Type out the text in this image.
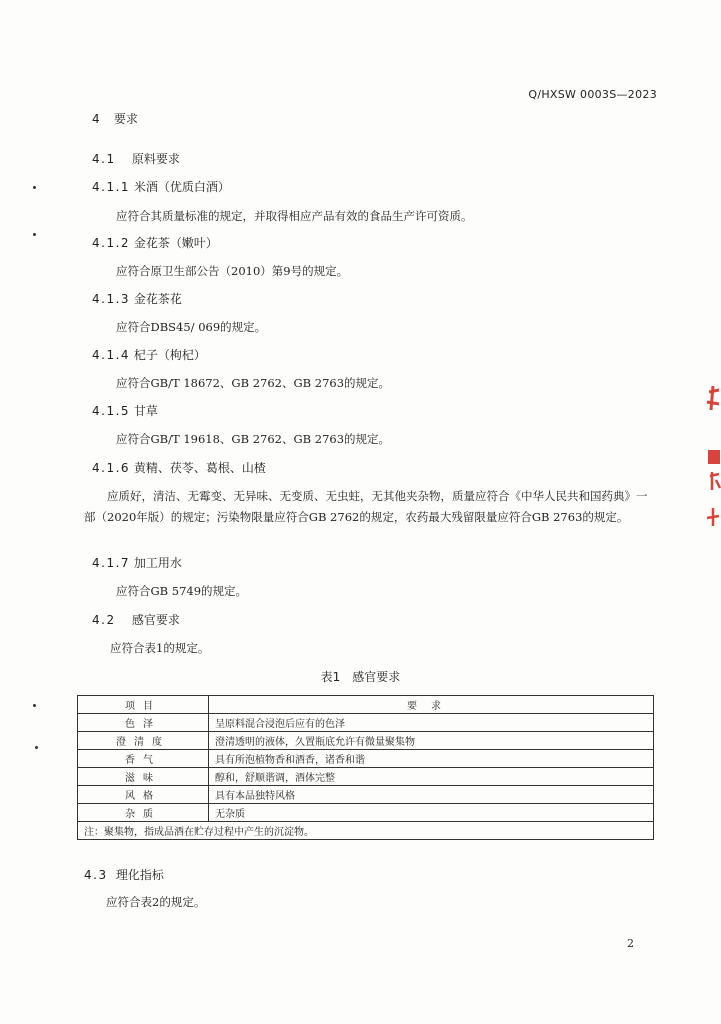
Q/HXSW 0003S—2023
4 要求
4.1 原料要求
4.1.1 米酒（优质白酒）
应符合其质量标准的规定，并取得相应产品有效的食品生产许可资质。
4.1.2 金花茶（嫩叶）
应符合原卫生部公告（2010）第9号的规定。
4.1.3 金花茶花
应符合DBS45/ 069的规定。
4.1.4 杞子（枸杞）
应符合GB/T 18672、GB 2762、GB 2763的规定。
4.1.5 甘草
应符合GB/T 19618、GB 2762、GB 2763的规定。
4.1.6 黄精、茯苓、葛根、山楂
应质好，清洁、无霉变、无异味、无变质、无虫蛀，无其他夹杂物，质量应符合《中华人民共和国药典》一部（2020年版）的规定；污染物限量应符合GB 2762的规定，农药最大残留限量应符合GB 2763的规定。
4.1.7 加工用水
应符合GB 5749的规定。
4.2 感官要求
应符合表1的规定。
表1　感官要求
项目	要求
色泽	呈原料混合浸泡后应有的色泽
澄清度	澄清透明的液体，久置瓶底允许有微量聚集物
香气	具有所泡植物香和酒香，诸香和谐
滋味	醇和，舒顺谐调，酒体完整
风格	具有本品独特风格
杂质	无杂质
注：聚集物，指成品酒在贮存过程中产生的沉淀物。	
4.3 理化指标
应符合表2的规定。
2
